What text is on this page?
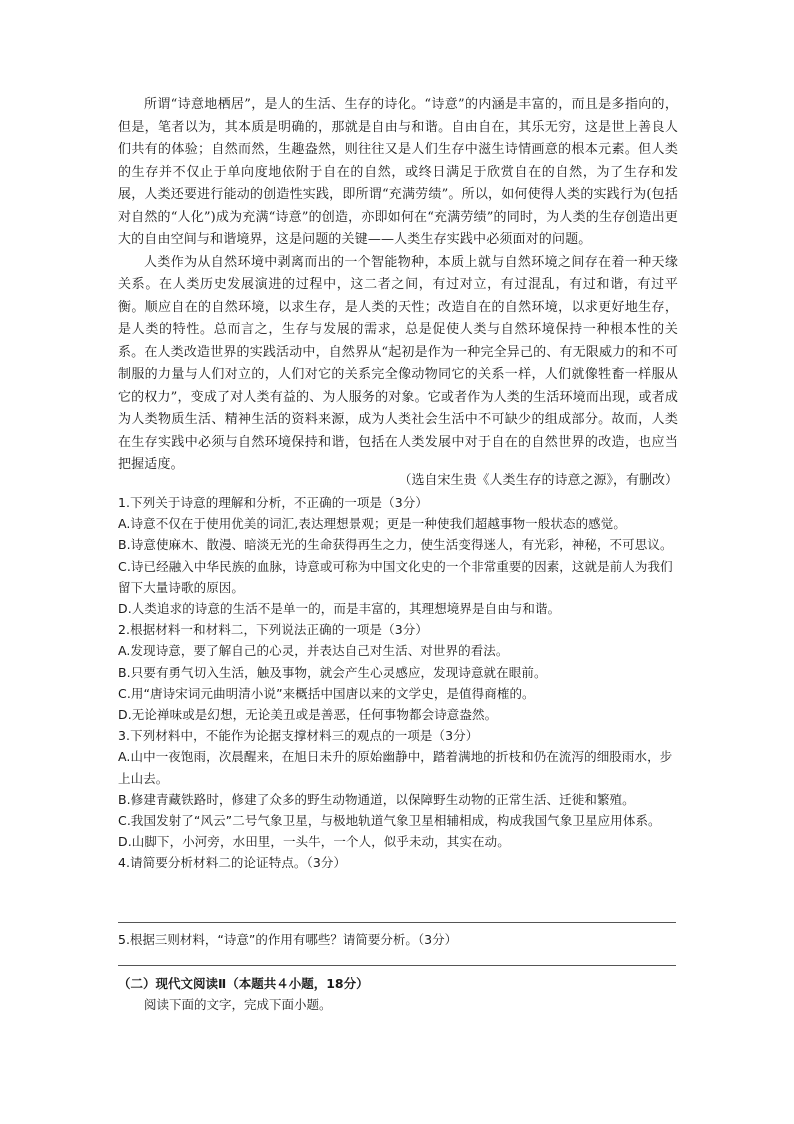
所谓“诗意地栖居”，是人的生活、生存的诗化。“诗意”的内涵是丰富的，而且是多指向的，但是，笔者以为，其本质是明确的，那就是自由与和谐。自由自在，其乐无穷，这是世上善良人们共有的体验；自然而然，生趣盎然，则往往又是人们生存中滋生诗情画意的根本元素。但人类的生存并不仅止于单向度地依附于自在的自然，或终日满足于欣赏自在的自然，为了生存和发展，人类还要进行能动的创造性实践，即所谓“充满劳绩”。所以，如何使得人类的实践行为(包括对自然的“人化”)成为充满“诗意”的创造，亦即如何在“充满劳绩”的同时，为人类的生存创造出更大的自由空间与和谐境界，这是问题的关键——人类生存实践中必须面对的问题。

人类作为从自然环境中剥离而出的一个智能物种，本质上就与自然环境之间存在着一种天缘关系。在人类历史发展演进的过程中，这二者之间，有过对立，有过混乱，有过和谐，有过平衡。顺应自在的自然环境，以求生存，是人类的天性；改造自在的自然环境，以求更好地生存，是人类的特性。总而言之，生存与发展的需求，总是促使人类与自然环境保持一种根本性的关系。在人类改造世界的实践活动中，自然界从“起初是作为一种完全异己的、有无限威力的和不可制服的力量与人们对立的，人们对它的关系完全像动物同它的关系一样，人们就像牲畜一样服从它的权力”，变成了对人类有益的、为人服务的对象。它或者作为人类的生活环境而出现，或者成为人类物质生活、精神生活的资料来源，成为人类社会生活中不可缺少的组成部分。故而，人类在生存实践中必须与自然环境保持和谐，包括在人类发展中对于自在的自然世界的改造，也应当把握适度。

（选自宋生贵《人类生存的诗意之源》，有删改）
1.下列关于诗意的理解和分析，不正确的一项是（3分）
A.诗意不仅在于使用优美的词汇,表达理想景观；更是一种使我们超越事物一般状态的感觉。
B.诗意使麻木、散漫、暗淡无光的生命获得再生之力，使生活变得迷人，有光彩，神秘，不可思议。
C.诗已经融入中华民族的血脉，诗意或可称为中国文化史的一个非常重要的因素，这就是前人为我们留下大量诗歌的原因。
D.人类追求的诗意的生活不是单一的，而是丰富的，其理想境界是自由与和谐。
2.根据材料一和材料二，下列说法正确的一项是（3分）
A.发现诗意，要了解自己的心灵，并表达自己对生活、对世界的看法。
B.只要有勇气切入生活，触及事物，就会产生心灵感应，发现诗意就在眼前。
C.用“唐诗宋词元曲明清小说”来概括中国唐以来的文学史，是值得商榷的。
D.无论禅味或是幻想，无论美丑或是善恶，任何事物都会诗意盎然。
3.下列材料中，不能作为论据支撑材料三的观点的一项是（3分）
A.山中一夜饱雨，次晨醒来，在旭日未升的原始幽静中，踏着满地的折枝和仍在流泻的细股雨水，步上山去。
B.修建青藏铁路时，修建了众多的野生动物通道，以保障野生动物的正常生活、迁徙和繁殖。
C.我国发射了“风云”二号气象卫星，与极地轨道气象卫星相辅相成，构成我国气象卫星应用体系。
D.山脚下，小河旁，水田里，一头牛，一个人，似乎未动，其实在动。
4.请简要分析材料二的论证特点。（3分）
5.根据三则材料，“诗意”的作用有哪些？请简要分析。（3分）
（二）现代文阅读Ⅱ（本题共４小题，18分）
阅读下面的文字，完成下面小题。
